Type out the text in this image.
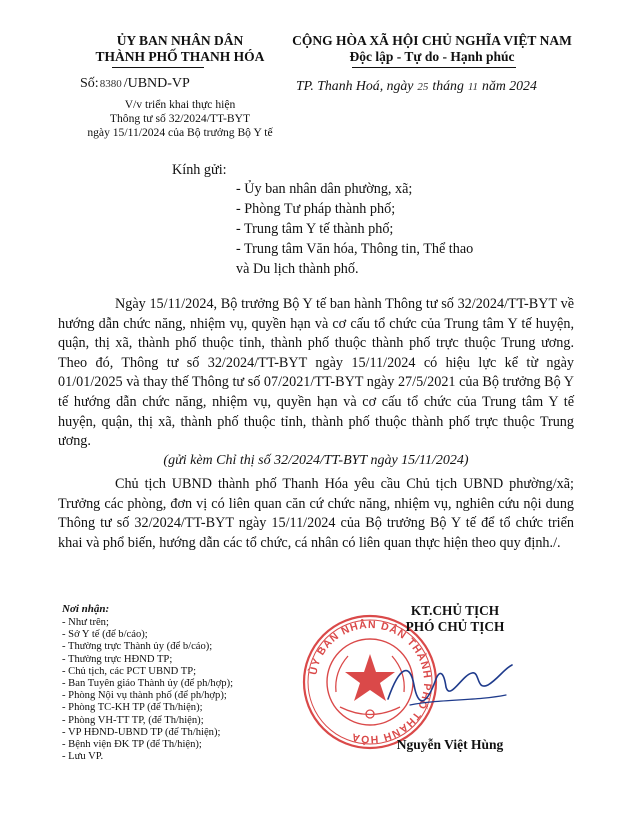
ỦY BAN NHÂN DÂN
THÀNH PHỐ THANH HÓA
Số:8380 /UBND-VP
V/v triển khai thực hiện
Thông tư số 32/2024/TT-BYT
ngày 15/11/2024 của Bộ trưởng Bộ Y tế
CỘNG HÒA XÃ HỘI CHỦ NGHĨA VIỆT NAM
Độc lập - Tự do - Hạnh phúc
TP. Thanh Hoá, ngày 25 tháng 11 năm 2024
Kính gửi:
- Ủy ban nhân dân phường, xã;
- Phòng Tư pháp thành phố;
- Trung tâm Y tế thành phố;
- Trung tâm Văn hóa, Thông tin, Thể thao
và Du lịch thành phố.
Ngày 15/11/2024, Bộ trưởng Bộ Y tế ban hành Thông tư số 32/2024/TT-BYT về hướng dẫn chức năng, nhiệm vụ, quyền hạn và cơ cấu tổ chức của Trung tâm Y tế huyện, quận, thị xã, thành phố thuộc tỉnh, thành phố thuộc thành phố trực thuộc Trung ương. Theo đó, Thông tư số 32/2024/TT-BYT ngày 15/11/2024 có hiệu lực kể từ ngày 01/01/2025 và thay thế Thông tư số 07/2021/TT-BYT ngày 27/5/2021 của Bộ trưởng Bộ Y tế hướng dẫn chức năng, nhiệm vụ, quyền hạn và cơ cấu tổ chức của Trung tâm Y tế huyện, quận, thị xã, thành phố thuộc tỉnh, thành phố thuộc thành phố trực thuộc Trung ương.
(gửi kèm Chỉ thị số 32/2024/TT-BYT ngày 15/11/2024)
Chủ tịch UBND thành phố Thanh Hóa yêu cầu Chủ tịch UBND phường/xã; Trưởng các phòng, đơn vị có liên quan căn cứ chức năng, nhiệm vụ, nghiên cứu nội dung Thông tư số 32/2024/TT-BYT ngày 15/11/2024 của Bộ trưởng Bộ Y tế để tổ chức triển khai và phổ biến, hướng dẫn các tổ chức, cá nhân có liên quan thực hiện theo quy định./.
Nơi nhận:
- Như trên;
- Sở Y tế (để b/cáo);
- Thường trực Thành ủy (để b/cáo);
- Thường trực HĐND TP;
- Chủ tịch, các PCT UBND TP;
- Ban Tuyên giáo Thành ủy (để ph/hợp);
- Phòng Nội vụ thành phố (để ph/hợp);
- Phòng TC-KH TP (để Th/hiện);
- Phòng VH-TT TP, (để Th/hiện);
- VP HĐND-UBND TP (để Th/hiện);
- Bệnh viện ĐK TP (để Th/hiện);
- Lưu VP.
ỦY BAN NHÂN DÂN THÀNH PHỐ THANH HÓA
KT.CHỦ TỊCH
PHÓ CHỦ TỊCH
Nguyễn Việt Hùng
